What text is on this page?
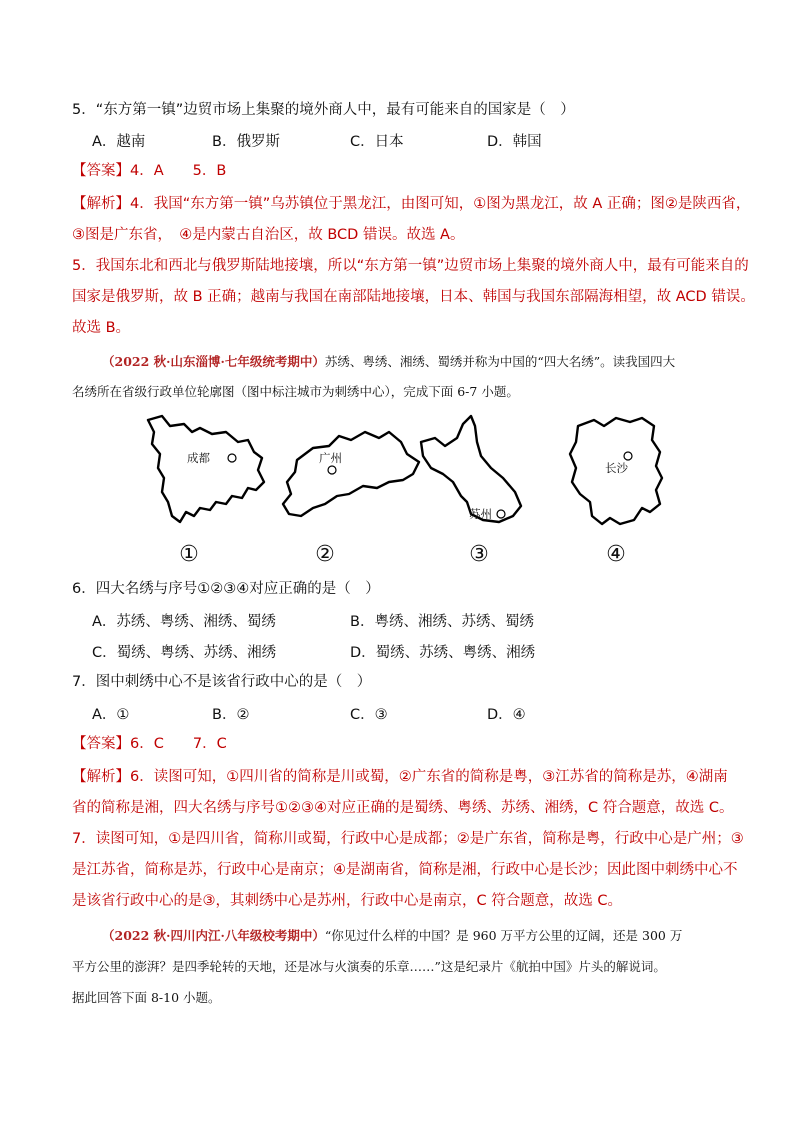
5．“东方第一镇”边贸市场上集聚的境外商人中，最有可能来自的国家是（　）
A．越南	B．俄罗斯	C．日本	D．韩国
【答案】4．A　　5．B
【解析】4．我国“东方第一镇”乌苏镇位于黑龙江，由图可知，①图为黑龙江，故 A 正确；图②是陕西省，
③图是广东省，　④是内蒙古自治区，故 BCD 错误。故选 A。
5．我国东北和西北与俄罗斯陆地接壤，所以“东方第一镇”边贸市场上集聚的境外商人中，最有可能来自的
国家是俄罗斯，故 B 正确；越南与我国在南部陆地接壤，日本、韩国与我国东部隔海相望，故 ACD 错误。
故选 B。
（2022 秋·山东淄博·七年级统考期中）苏绣、粤绣、湘绣、蜀绣并称为中国的“四大名绣”。读我国四大
名绣所在省级行政单位轮廓图（图中标注城市为刺绣中心），完成下面 6-7 小题。
成都	广州
苏州
长沙
①	②	③	④
6．四大名绣与序号①②③④对应正确的是（　）
A．苏绣、粤绣、湘绣、蜀绣	B．粤绣、湘绣、苏绣、蜀绣
C．蜀绣、粤绣、苏绣、湘绣	D．蜀绣、苏绣、粤绣、湘绣
7．图中刺绣中心不是该省行政中心的是（　）
A．①	B．②	C．③	D．④
【答案】6．C　　7．C
【解析】6．读图可知，①四川省的简称是川或蜀，②广东省的简称是粤，③江苏省的简称是苏，④湖南
省的简称是湘，四大名绣与序号①②③④对应正确的是蜀绣、粤绣、苏绣、湘绣，C 符合题意，故选 C。
7．读图可知，①是四川省，简称川或蜀，行政中心是成都；②是广东省，简称是粤，行政中心是广州；③
是江苏省，简称是苏，行政中心是南京；④是湖南省，简称是湘，行政中心是长沙；因此图中刺绣中心不
是该省行政中心的是③，其刺绣中心是苏州，行政中心是南京，C 符合题意，故选 C。
（2022 秋·四川内江·八年级校考期中）“你见过什么样的中国？是 960 万平方公里的辽阔，还是 300 万
平方公里的澎湃？是四季轮转的天地，还是冰与火演奏的乐章……”这是纪录片《航拍中国》片头的解说词。
据此回答下面 8-10 小题。
